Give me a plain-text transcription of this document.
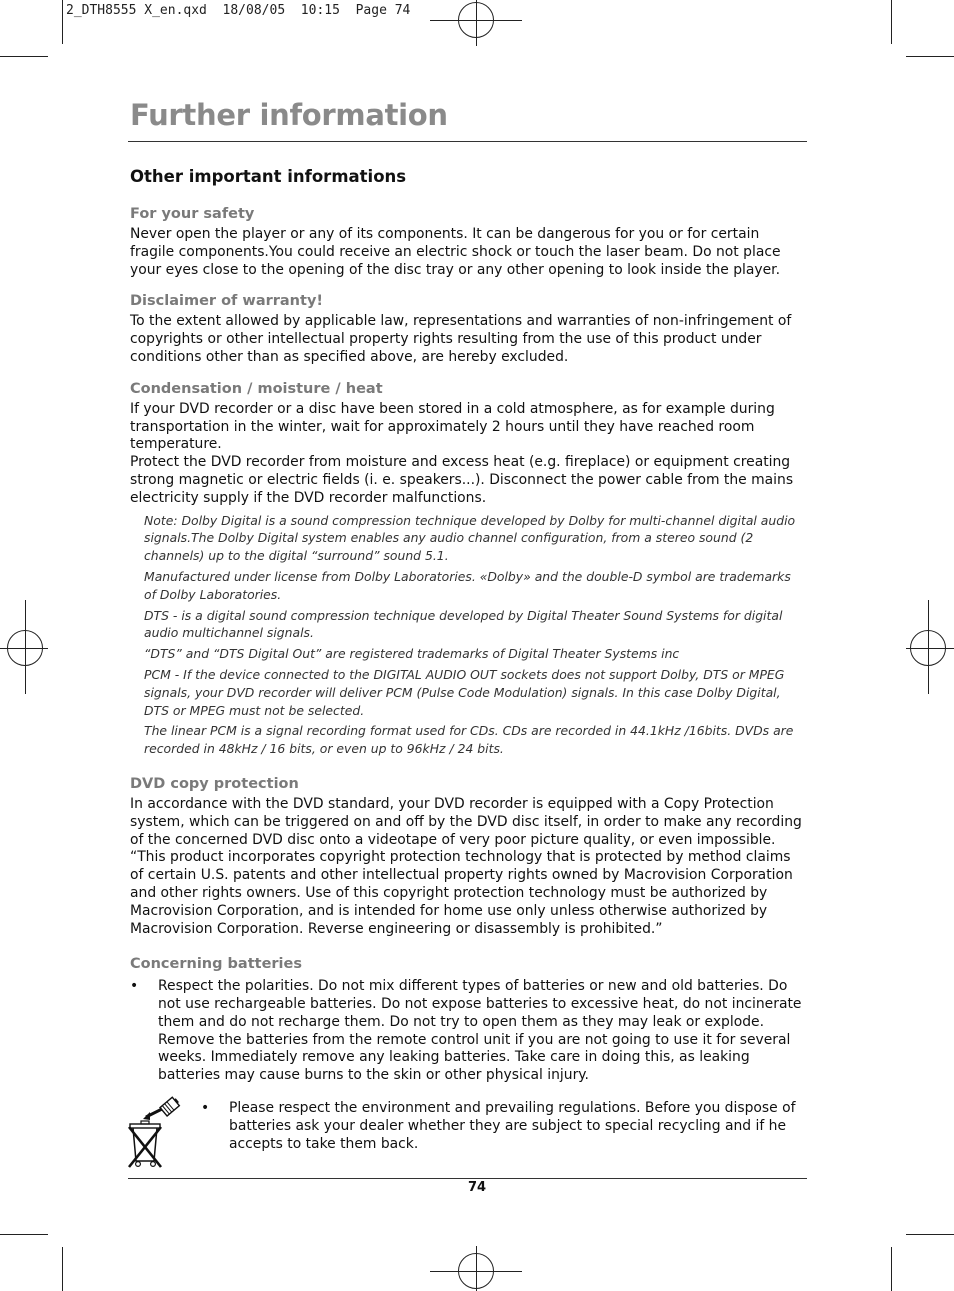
2_DTH8555 X_en.qxd  18/08/05  10:15  Page 74
Further information
Other important informations
For your safety

Never open the player or any of its components. It can be dangerous for you or for certain fragile components.You could receive an electric shock or touch the laser beam. Do not place your eyes close to the opening of the disc tray or any other opening to look inside the player.

Disclaimer of warranty!

To the extent allowed by applicable law, representations and warranties of non-infringement of copyrights or other intellectual property rights resulting from the use of this product under conditions other than as specified above, are hereby excluded.

Condensation / moisture / heat

If your DVD recorder or a disc have been stored in a cold atmosphere, as for example during transportation in the winter, wait for approximately 2 hours until they have reached room temperature.

Protect the DVD recorder from moisture and excess heat (e.g. fireplace) or equipment creating strong magnetic or electric fields (i. e. speakers...). Disconnect the power cable from the mains electricity supply if the DVD recorder malfunctions.

Note: Dolby Digital is a sound compression technique developed by Dolby for multi-channel digital audio signals.The Dolby Digital system enables any audio channel configuration, from a stereo sound (2 channels) up to the digital “surround” sound 5.1.

Manufactured under license from Dolby Laboratories. «Dolby» and the double-D symbol are trademarks of Dolby Laboratories.

DTS - is a digital sound compression technique developed by Digital Theater Sound Systems for digital audio multichannel signals.

“DTS” and “DTS Digital Out” are registered trademarks of Digital Theater Systems inc

PCM - If the device connected to the DIGITAL AUDIO OUT sockets does not support Dolby, DTS or MPEG signals, your DVD recorder will deliver PCM (Pulse Code Modulation) signals. In this case Dolby Digital, DTS or MPEG must not be selected.

The linear PCM is a signal recording format used for CDs. CDs are recorded in 44.1kHz /16bits. DVDs are recorded in 48kHz / 16 bits, or even up to 96kHz / 24 bits.

DVD copy protection

In accordance with the DVD standard, your DVD recorder is equipped with a Copy Protection system, which can be triggered on and off by the DVD disc itself, in order to make any recording of the concerned DVD disc onto a videotape of very poor picture quality, or even impossible.

“This product incorporates copyright protection technology that is protected by method claims of certain U.S. patents and other intellectual property rights owned by Macrovision Corporation and other rights owners. Use of this copyright protection technology must be authorized by Macrovision Corporation, and is intended for home use only unless otherwise authorized by Macrovision Corporation. Reverse engineering or disassembly is prohibited.”

Concerning batteries
• Respect the polarities. Do not mix different types of batteries or new and old batteries. Do not use rechargeable batteries. Do not expose batteries to excessive heat, do not incinerate them and do not recharge them. Do not try to open them as they may leak or explode. Remove the batteries from the remote control unit if you are not going to use it for several weeks. Immediately remove any leaking batteries. Take care in doing this, as leaking batteries may cause burns to the skin or other physical injury.

•	Please respect the environment and prevailing regulations. Before you dispose of batteries ask your dealer whether they are subject to special recycling and if he accepts to take them back.

74
